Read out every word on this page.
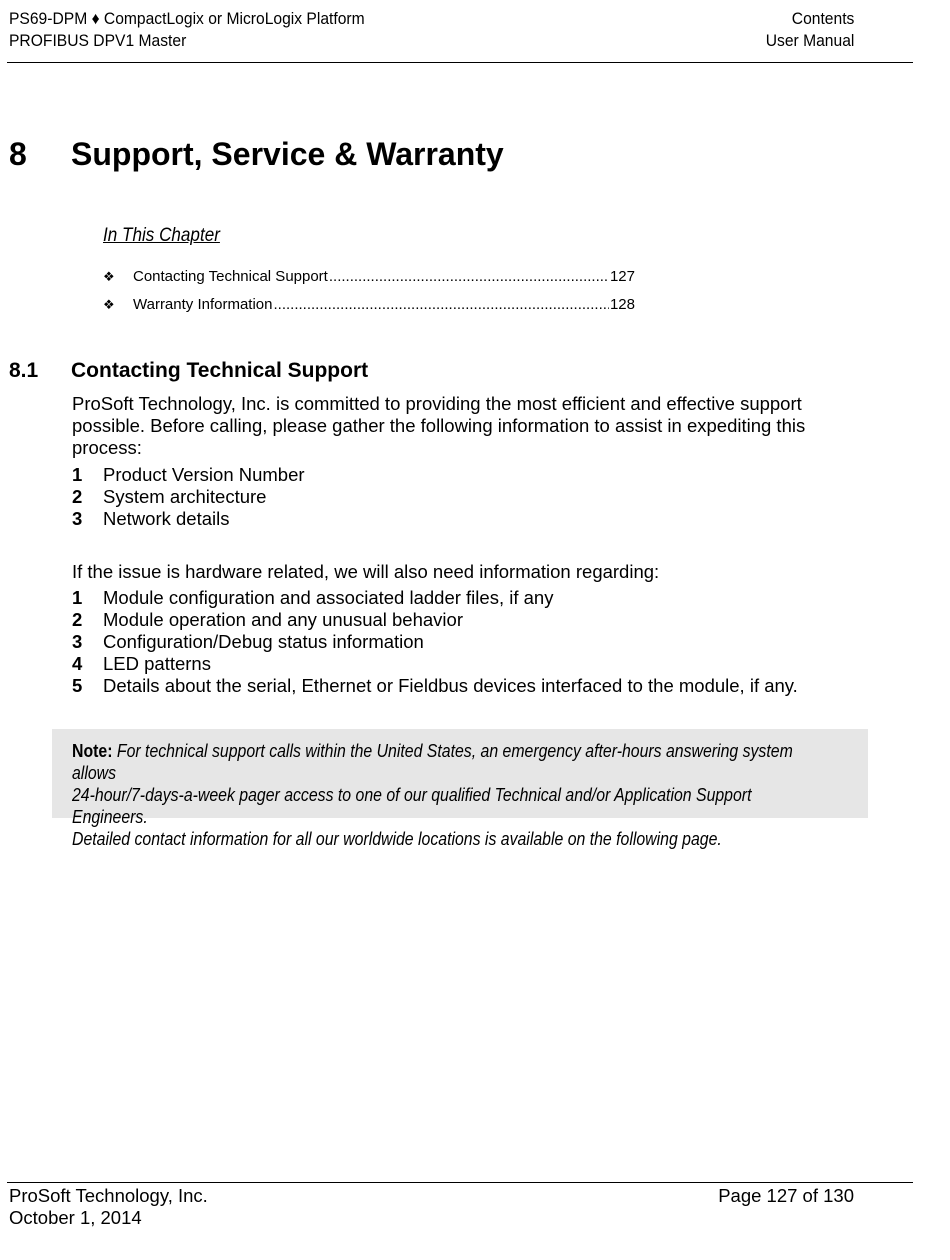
PS69-DPM ♦ CompactLogix or MicroLogix Platform
PROFIBUS DPV1 Master
Contents
User Manual
8 Support, Service & Warranty
In This Chapter
❖	Contacting Technical Support .....	127
❖	Warranty Information .....	128
8.1 Contacting Technical Support

ProSoft Technology, Inc. is committed to providing the most efficient and effective support possible. Before calling, please gather the following information to assist in expediting this process:

1	Product Version Number
2	System architecture
3	Network details

If the issue is hardware related, we will also need information regarding:

1	Module configuration and associated ladder files, if any
2	Module operation and any unusual behavior
3	Configuration/Debug status information
4	LED patterns
5	Details about the serial, Ethernet or Fieldbus devices interfaced to the module, if any.
Note: For technical support calls within the United States, an emergency after-hours answering system allows
24-hour/7-days-a-week pager access to one of our qualified Technical and/or Application Support Engineers.
Detailed contact information for all our worldwide locations is available on the following page.
ProSoft Technology, Inc.
October 1, 2014
Page 127 of 130
